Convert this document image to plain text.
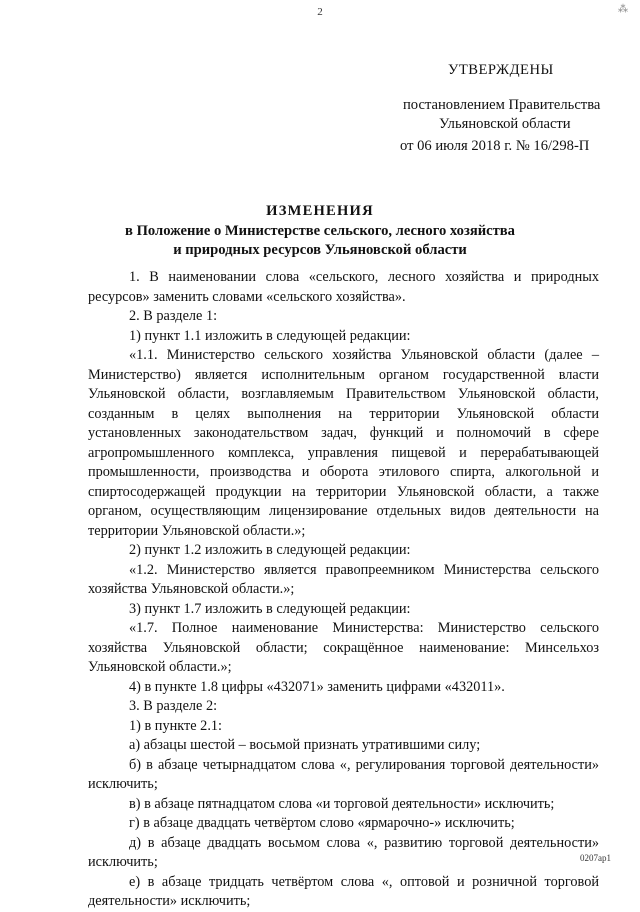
2	⁂
УТВЕРЖДЕНЫ
постановлением Правительства
Ульяновской области
от 06 июля 2018 г. № 16/298-П
ИЗМЕНЕНИЯ
в Положение о Министерстве сельского, лесного хозяйства
и природных ресурсов Ульяновской области

1. В наименовании слова «сельского, лесного хозяйства и природных ресурсов» заменить словами «сельского хозяйства».

2. В разделе 1:

1) пункт 1.1 изложить в следующей редакции:

«1.1. Министерство сельского хозяйства Ульяновской области (далее – Министерство) является исполнительным органом государственной власти Ульяновской области, возглавляемым Правительством Ульяновской области, созданным в целях выполнения на территории Ульяновской области установленных законодательством задач, функций и полномочий в сфере агропромышленного комплекса, управления пищевой и перерабатывающей промышленности, производства и оборота этилового спирта, алкогольной и спиртосодержащей продукции на территории Ульяновской области, а также органом, осуществляющим лицензирование отдельных видов деятельности на территории Ульяновской области.»;

2) пункт 1.2 изложить в следующей редакции:

«1.2. Министерство является правопреемником Министерства сельского хозяйства Ульяновской области.»;

3) пункт 1.7 изложить в следующей редакции:

«1.7. Полное наименование Министерства: Министерство сельского хозяйства Ульяновской области; сокращённое наименование: Минсельхоз Ульяновской области.»;

4) в пункте 1.8 цифры «432071» заменить цифрами «432011».

3. В разделе 2:

1) в пункте 2.1:

а) абзацы шестой – восьмой признать утратившими силу;

б) в абзаце четырнадцатом слова «, регулирования торговой деятельности» исключить;

в) в абзаце пятнадцатом слова «и торговой деятельности» исключить;

г) в абзаце двадцать четвёртом слово «ярмарочно-» исключить;

д) в абзаце двадцать восьмом слова «, развитию торговой деятельности» исключить;

е) в абзаце тридцать четвёртом слова «, оптовой и розничной торговой деятельности» исключить;

0207ар1
